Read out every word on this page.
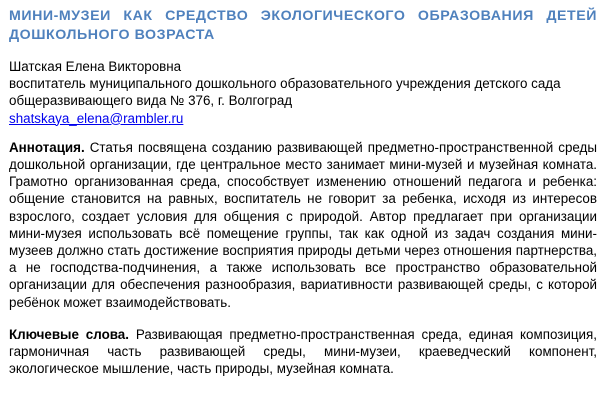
МИНИ-МУЗЕИ КАК СРЕДСТВО ЭКОЛОГИЧЕСКОГО ОБРАЗОВАНИЯ ДЕТЕЙ ДОШКОЛЬНОГО ВОЗРАСТА
Шатская Елена Викторовна
воспитатель муниципального дошкольного образовательного учреждения детского сада общеразвивающего вида № 376, г. Волгоград
shatskaya_elena@rambler.ru

Аннотация. Статья посвящена созданию развивающей предметно-пространственной среды дошкольной организации, где центральное место занимает мини-музей и музейная комната. Грамотно организованная среда, способствует изменению отношений педагога и ребенка: общение становится на равных, воспитатель не говорит за ребенка, исходя из интересов взрослого, создает условия для общения с природой. Автор предлагает при организации мини-музея использовать всё помещение группы, так как одной из задач создания мини-музеев должно стать достижение восприятия природы детьми через отношения партнерства, а не господства-подчинения, а также использовать все пространство образовательной организации для обеспечения разнообразия, вариативности развивающей среды, с которой ребёнок может взаимодействовать.

Ключевые слова. Развивающая предметно-пространственная среда, единая композиция, гармоничная часть развивающей среды, мини-музеи, краеведческий компонент, экологическое мышление, часть природы, музейная комната.
